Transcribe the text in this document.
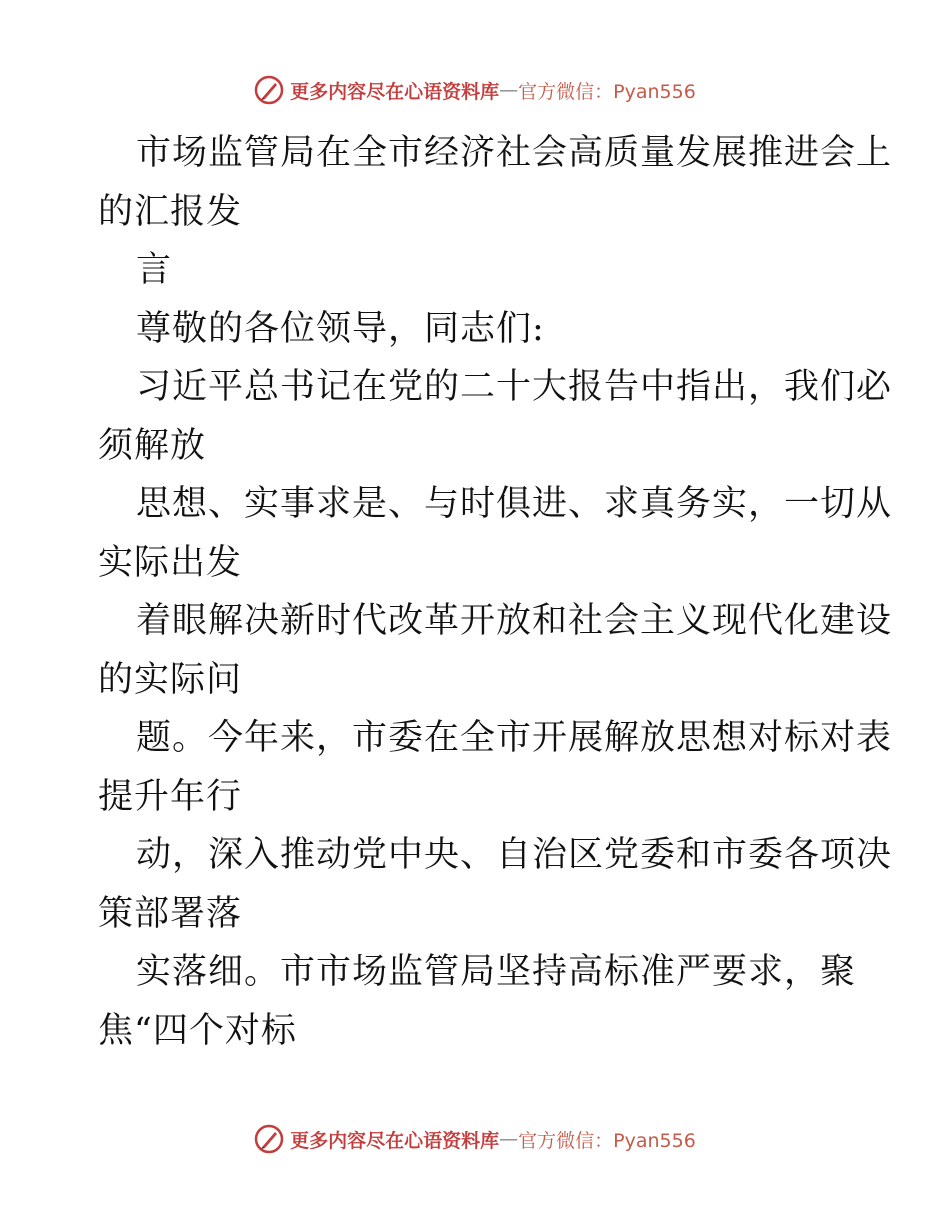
更多内容尽在心语资料库 — 官方微信：Pyan556
市场监管局在全市经济社会高质量发展推进会上
的汇报发
言
尊敬的各位领导，同志们:
习近平总书记在党的二十大报告中指出，我们必
须解放
思想、实事求是、与时俱进、求真务实，一切从
实际出发
着眼解决新时代改革开放和社会主义现代化建设
的实际问
题。今年来，市委在全市开展解放思想对标对表
提升年行
动，深入推动党中央、自治区党委和市委各项决
策部署落
实落细。市市场监管局坚持高标准严要求，聚
焦“四个对标
更多内容尽在心语资料库 — 官方微信：Pyan556
